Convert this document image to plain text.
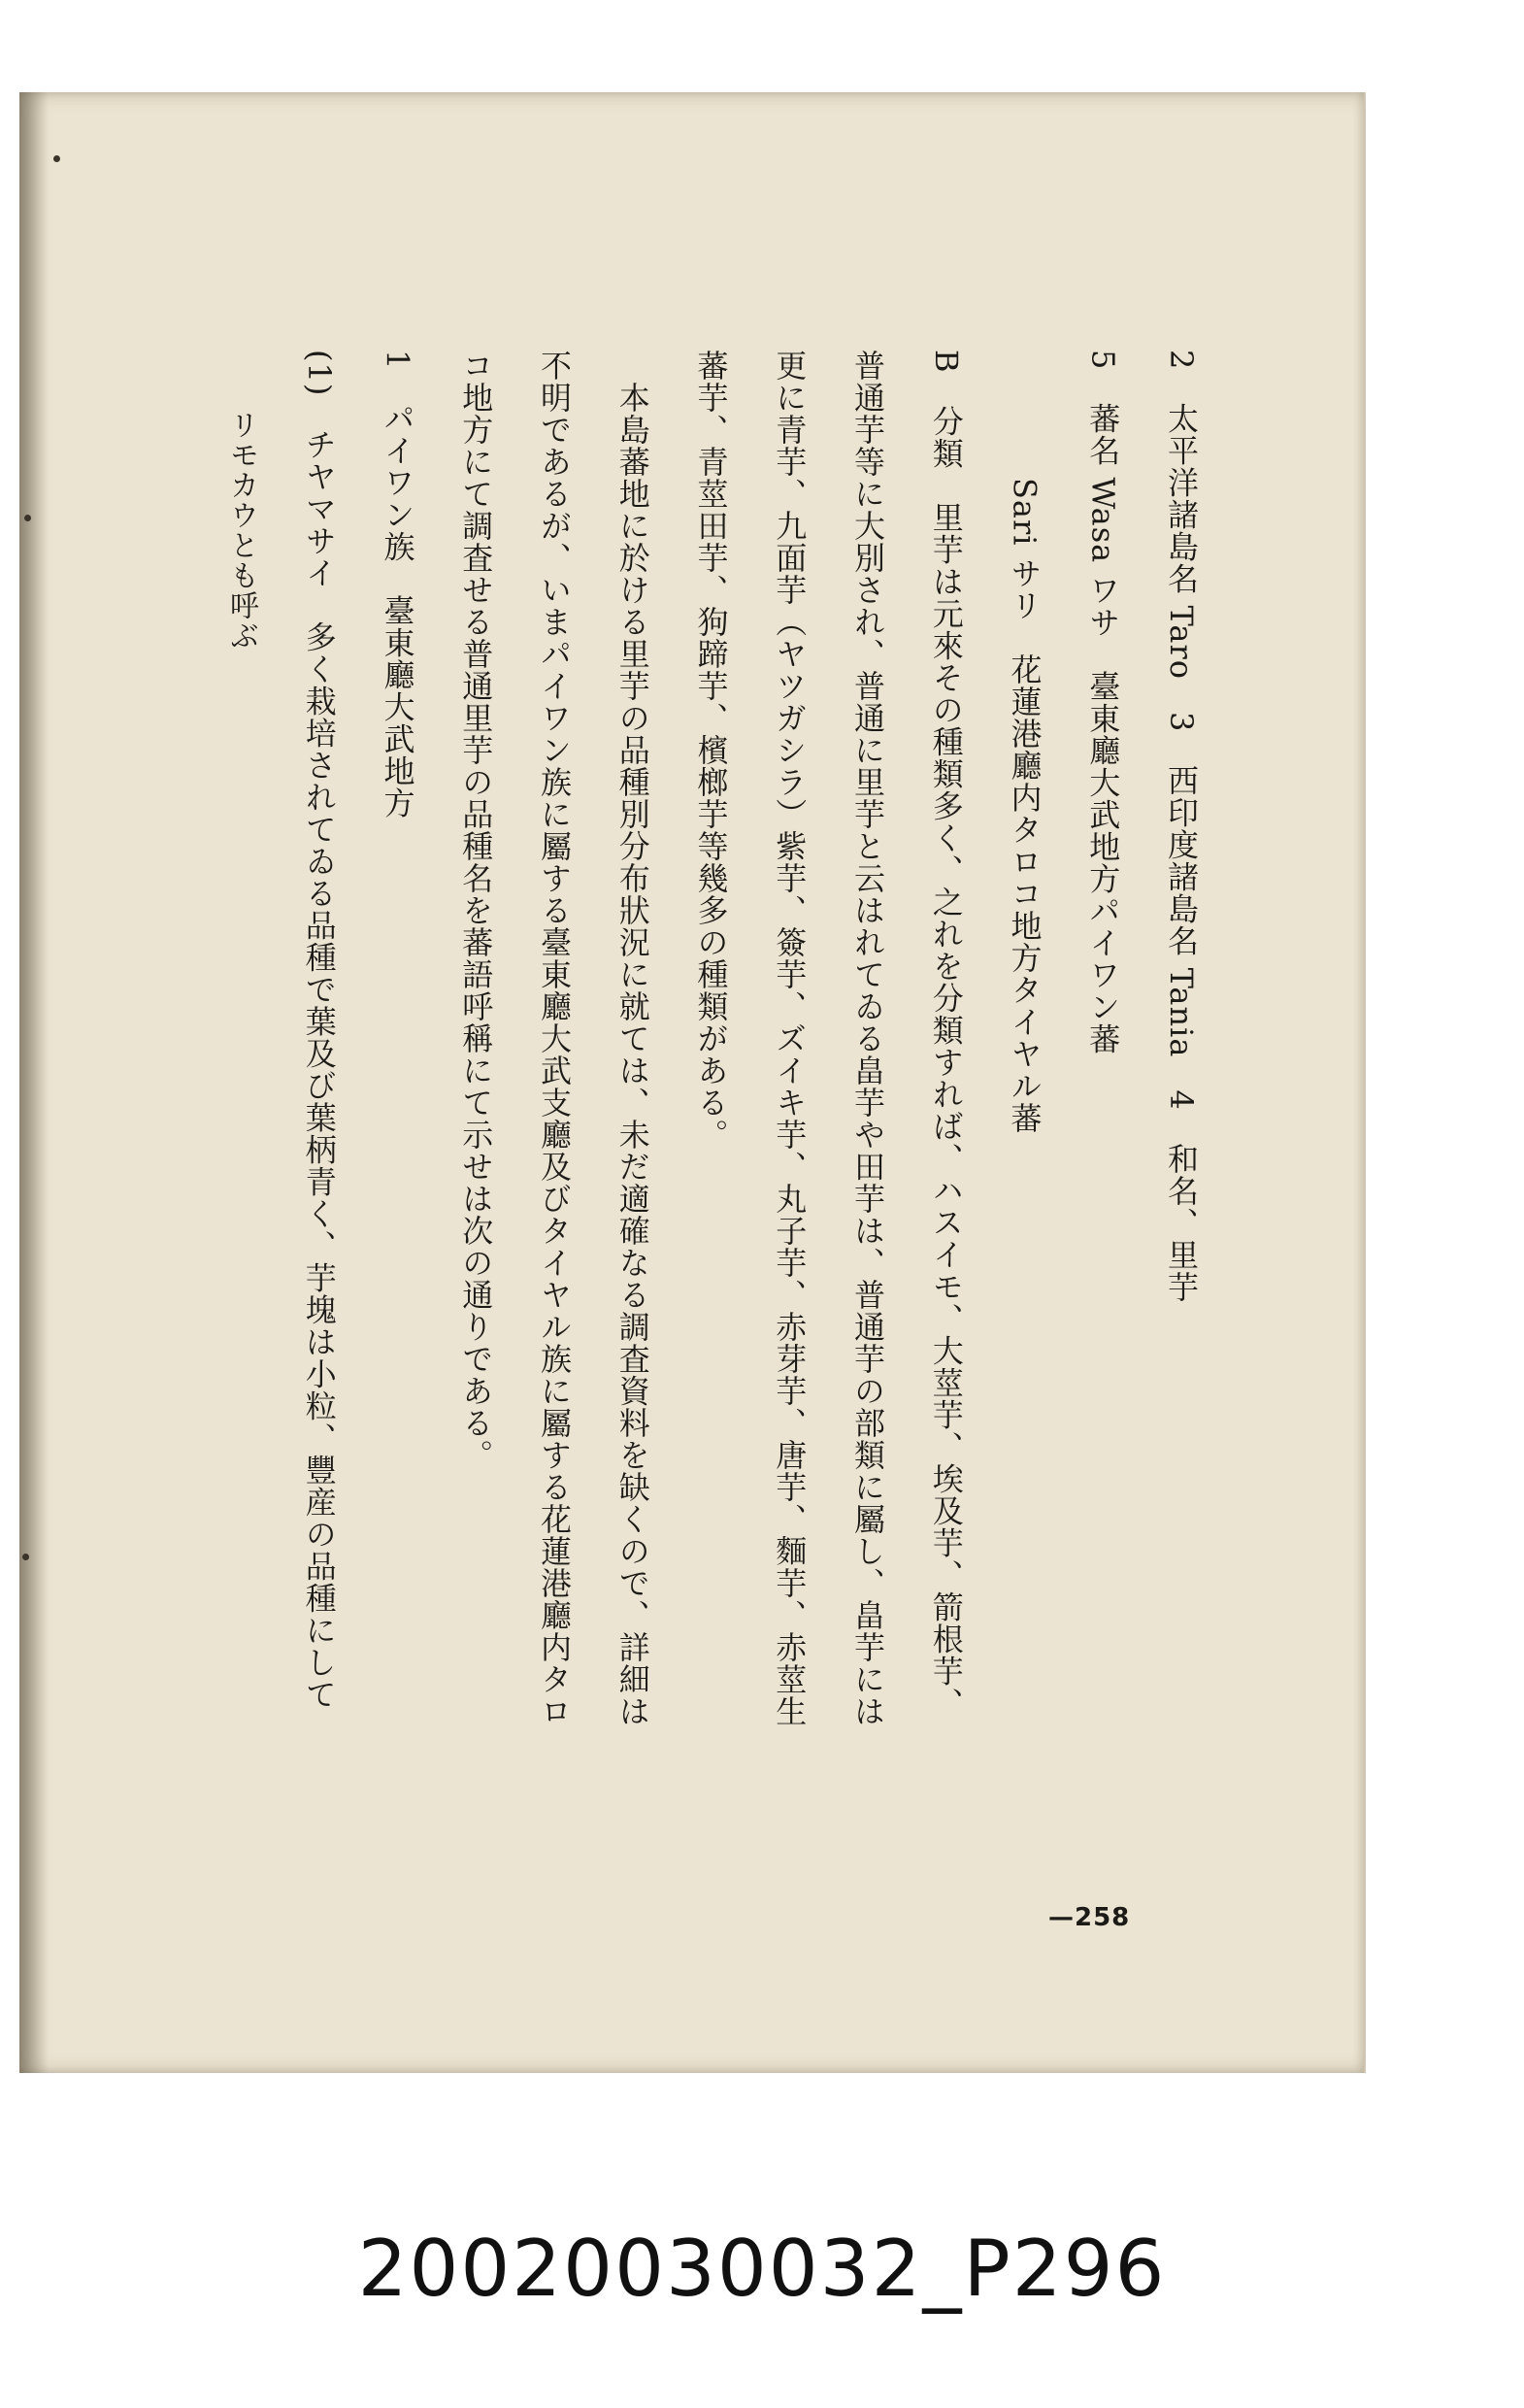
2　太平洋諸島名 Taro　3　西印度諸島名 Tania　4　和名、里芋
5　蕃名 Wasa ワサ　臺東廳大武地方パイワン蕃
　　　　Sari サリ　花蓮港廳内タロコ地方タイヤル蕃
B　分類　里芋は元來その種類多く、之れを分類すれば、ハスイモ、大莖芋、埃及芋、箭根芋、
普通芋等に大別され、普通に里芋と云はれてゐる畠芋や田芋は、普通芋の部類に屬し、畠芋には
更に青芋、九面芋（ヤツガシラ）紫芋、簽芋、ズイキ芋、丸子芋、赤芽芋、唐芋、麵芋、赤莖生
蕃芋、青莖田芋、狗蹄芋、檳榔芋等幾多の種類がある。
　本島蕃地に於ける里芋の品種別分布狀況に就ては、未だ適確なる調査資料を缺くので、詳細は
不明であるが、いまパイワン族に屬する臺東廳大武支廳及びタイヤル族に屬する花蓮港廳内タロ
コ地方にて調査せる普通里芋の品種名を蕃語呼稱にて示せは次の通りである。
1　パイワン族　臺東廳大武地方
(1)　チヤマサイ　多く栽培されてゐる品種で葉及び葉柄青く、芋塊は小粒、豐産の品種にして
　　リモカウとも呼ぶ
—258
20020030032_P296
